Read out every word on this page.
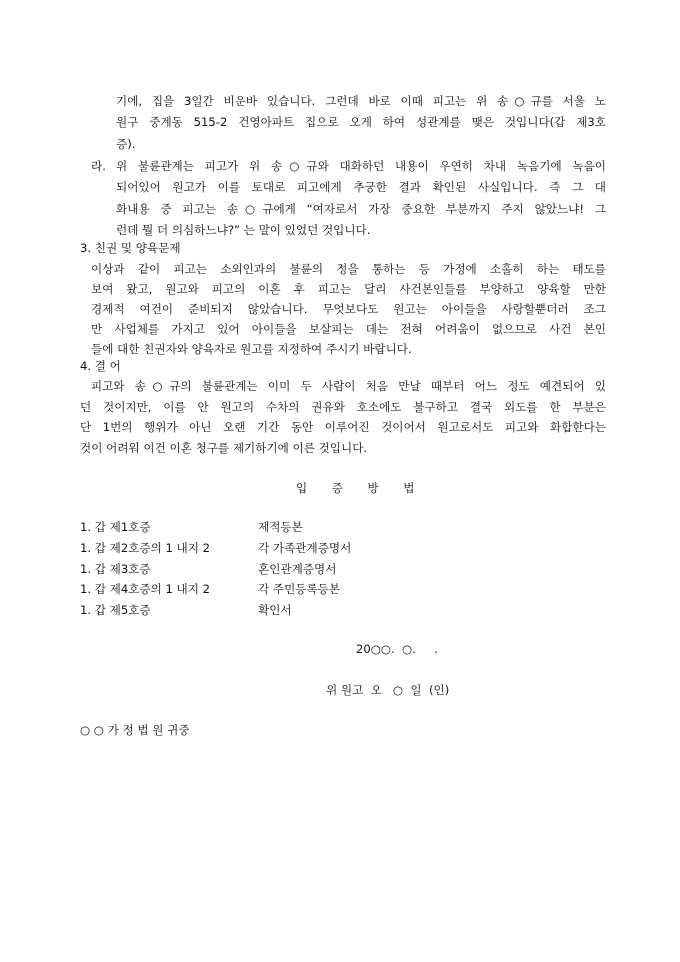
기에, 집을 3일간 비운바 있습니다. 그런데 바로 이때 피고는 위 송○규를 서울 노
원구 중계동 515-2 건영아파트 집으로 오게 하여 성관계를 맺은 것입니다(갑 제3호
증).
라. 위 불륜관계는 피고가 위 송○규와 대화하던 내용이 우연히 차내 녹음기에 녹음이
되어있어 원고가 이를 토대로 피고에게 추궁한 결과 확인된 사실입니다. 즉 그 대
화내용 중 피고는 송○규에게 “여자로서 가장 중요한 부분까지 주지 않았느냐! 그
런데 뭘 더 의심하느냐?” 는 말이 있었던 것입니다.
3. 친권 및 양육문제
이상과 같이 피고는 소외인과의 불륜의 정을 통하는 등 가정에 소홀히 하는 태도를
보여 왔고, 원고와 피고의 이혼 후 피고는 달리 사건본인들를 부양하고 양육할 만한
경제적 여건이 준비되지 않았습니다. 무엇보다도 원고는 아이들을 사랑할뿐더러 조그
만 사업체를 가지고 있어 아이들을 보살피는 데는 전혀 어려움이 없으므로 사건 본인
들에 대한 친권자와 양육자로 원고를 지정하여 주시기 바랍니다.
4. 결 어
피고와 송○규의 불륜관계는 이미 두 사람이 처음 만날 때부터 어느 정도 예견되어 있
던 것이지만, 이를 안 원고의 수차의 권유와 호소에도 불구하고 결국 외도를 한 부분은
단 1번의 행위가 아닌 오랜 기간 동안 이루어진 것이어서 원고로서도 피고와 화합한다는
것이 어려워 이건 이혼 청구를 제기하기에 이른 것입니다.
입 증 방 법
1. 갑 제1호증	제적등본
1. 갑 제2호증의 1 내지 2	각 가족관계증명서
1. 갑 제3호증	혼인관계증명서
1. 갑 제4호증의 1 내지 2	각 주민등록등본
1. 갑 제5호증	확인서
20○○.  ○.     .
위 원고  오   ○  일  (인)
○ ○ 가 정 법 원 귀중
